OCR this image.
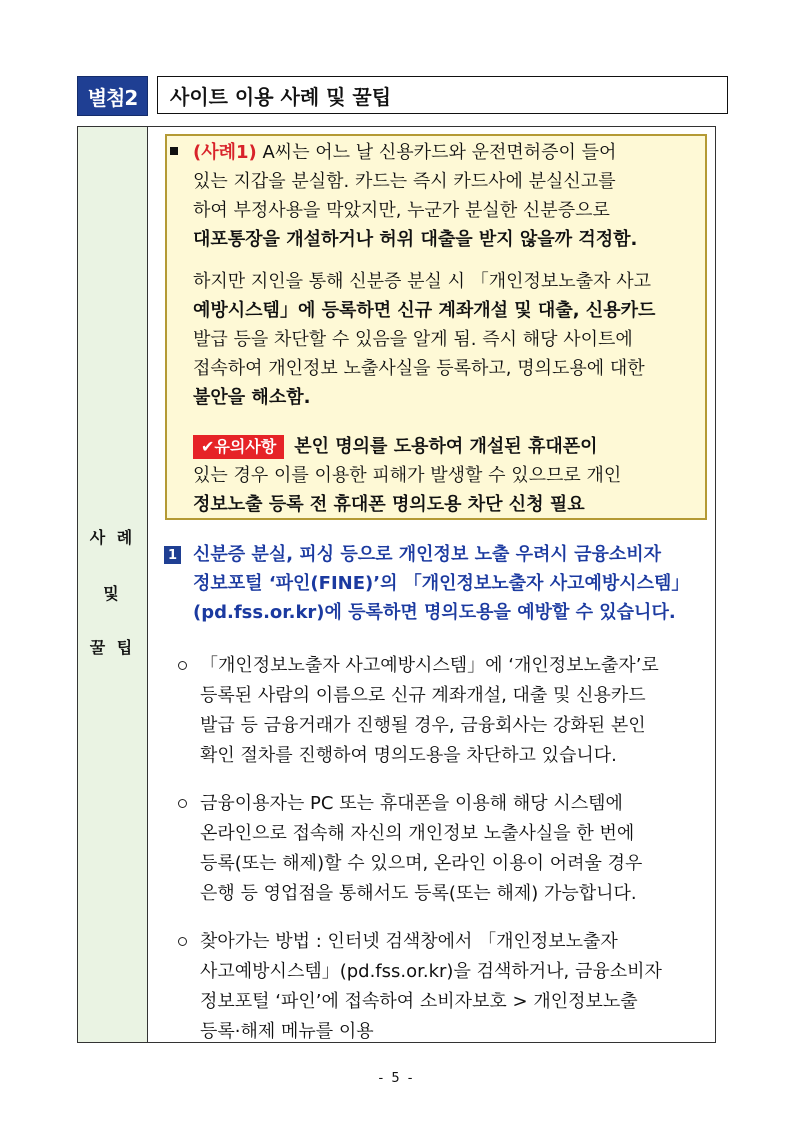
별첨2	사이트 이용 사례 및 꿀팁
사 례
및
꿀 팁
(사례1) A씨는 어느 날 신용카드와 운전면허증이 들어
있는 지갑을 분실함. 카드는 즉시 카드사에 분실신고를
하여 부정사용을 막았지만, 누군가 분실한 신분증으로
대포통장을 개설하거나 허위 대출을 받지 않을까 걱정함.
하지만 지인을 통해 신분증 분실 시 「개인정보노출자 사고
예방시스템」에 등록하면 신규 계좌개설 및 대출, 신용카드
발급 등을 차단할 수 있음을 알게 됨. 즉시 해당 사이트에
접속하여 개인정보 노출사실을 등록하고, 명의도용에 대한
불안을 해소함.
✔유의사항 본인 명의를 도용하여 개설된 휴대폰이
있는 경우 이를 이용한 피해가 발생할 수 있으므로 개인
정보노출 등록 전 휴대폰 명의도용 차단 신청 필요
1 신분증 분실, 피싱 등으로 개인정보 노출 우려시 금융소비자
정보포털 ‘파인(FINE)’의 「개인정보노출자 사고예방시스템」
(pd.fss.or.kr)에 등록하면 명의도용을 예방할 수 있습니다.
「개인정보노출자 사고예방시스템」에 ‘개인정보노출자’로
등록된 사람의 이름으로 신규 계좌개설, 대출 및 신용카드
발급 등 금융거래가 진행될 경우, 금융회사는 강화된 본인
확인 절차를 진행하여 명의도용을 차단하고 있습니다.
금융이용자는 PC 또는 휴대폰을 이용해 해당 시스템에
온라인으로 접속해 자신의 개인정보 노출사실을 한 번에
등록(또는 해제)할 수 있으며, 온라인 이용이 어려울 경우
은행 등 영업점을 통해서도 등록(또는 해제) 가능합니다.
찾아가는 방법 : 인터넷 검색창에서 「개인정보노출자
사고예방시스템」(pd.fss.or.kr)을 검색하거나, 금융소비자
정보포털 ‘파인’에 접속하여 소비자보호 > 개인정보노출
등록·해제 메뉴를 이용
- 5 -
